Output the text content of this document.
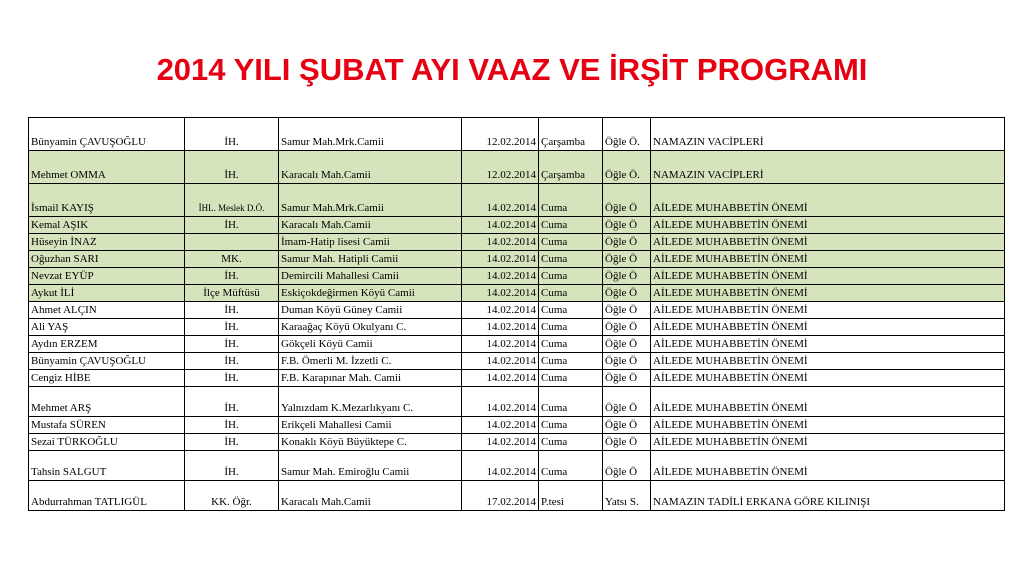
2014 YILI ŞUBAT AYI VAAZ VE İRŞİT PROGRAMI
Bünyamin ÇAVUŞOĞLU	İH.	Samur Mah.Mrk.Camii	12.02.2014	Çarşamba	Öğle Ö.	NAMAZIN VACİPLERİ
Mehmet OMMA	İH.	Karacalı Mah.Camii	12.02.2014	Çarşamba	Öğle Ö.	NAMAZIN VACİPLERİ
İsmail KAYIŞ	İHL. Meslek D.Ö.	Samur Mah.Mrk.Camii	14.02.2014	Cuma	Öğle Ö	AİLEDE MUHABBETİN ÖNEMİ
Kemal AŞIK	İH.	Karacalı Mah.Camii	14.02.2014	Cuma	Öğle Ö	AİLEDE MUHABBETİN ÖNEMİ
Hüseyin İNAZ		İmam-Hatip lisesi Camii	14.02.2014	Cuma	Öğle Ö	AİLEDE MUHABBETİN ÖNEMİ
Oğuzhan SARI	MK.	Samur Mah. Hatipli Camii	14.02.2014	Cuma	Öğle Ö	AİLEDE MUHABBETİN ÖNEMİ
Nevzat EYÜP	İH.	Demircili Mahallesi Camii	14.02.2014	Cuma	Öğle Ö	AİLEDE MUHABBETİN ÖNEMİ
Aykut İLİ	İlçe Müftüsü	Eskiçokdeğirmen Köyü Camii	14.02.2014	Cuma	Öğle Ö	AİLEDE MUHABBETİN ÖNEMİ
Ahmet ALÇIN	İH.	Duman Köyü Güney Camii	14.02.2014	Cuma	Öğle Ö	AİLEDE MUHABBETİN ÖNEMİ
Ali YAŞ	İH.	Karaağaç Köyü Okulyanı C.	14.02.2014	Cuma	Öğle Ö	AİLEDE MUHABBETİN ÖNEMİ
Aydın ERZEM	İH.	Gökçeli Köyü Camii	14.02.2014	Cuma	Öğle Ö	AİLEDE MUHABBETİN ÖNEMİ
Bünyamin ÇAVUŞOĞLU	İH.	F.B. Ömerli M. İzzetli C.	14.02.2014	Cuma	Öğle Ö	AİLEDE MUHABBETİN ÖNEMİ
Cengiz HİBE	İH.	F.B. Karapınar Mah. Camii	14.02.2014	Cuma	Öğle Ö	AİLEDE MUHABBETİN ÖNEMİ
Mehmet ARŞ	İH.	Yalnızdam K.Mezarlıkyanı C.	14.02.2014	Cuma	Öğle Ö	AİLEDE MUHABBETİN ÖNEMİ
Mustafa SÜREN	İH.	Erikçeli Mahallesi Camii	14.02.2014	Cuma	Öğle Ö	AİLEDE MUHABBETİN ÖNEMİ
Sezai TÜRKOĞLU	İH.	Konaklı Köyü Büyüktepe C.	14.02.2014	Cuma	Öğle Ö	AİLEDE MUHABBETİN ÖNEMİ
Tahsin SALGUT	İH.	Samur Mah. Emiroğlu Camii	14.02.2014	Cuma	Öğle Ö	AİLEDE MUHABBETİN ÖNEMİ
Abdurrahman TATLIGÜL	KK. Öğr.	Karacalı Mah.Camii	17.02.2014	P.tesi	Yatsı S.	NAMAZIN TADİLİ ERKANA GÖRE KILINIŞI
